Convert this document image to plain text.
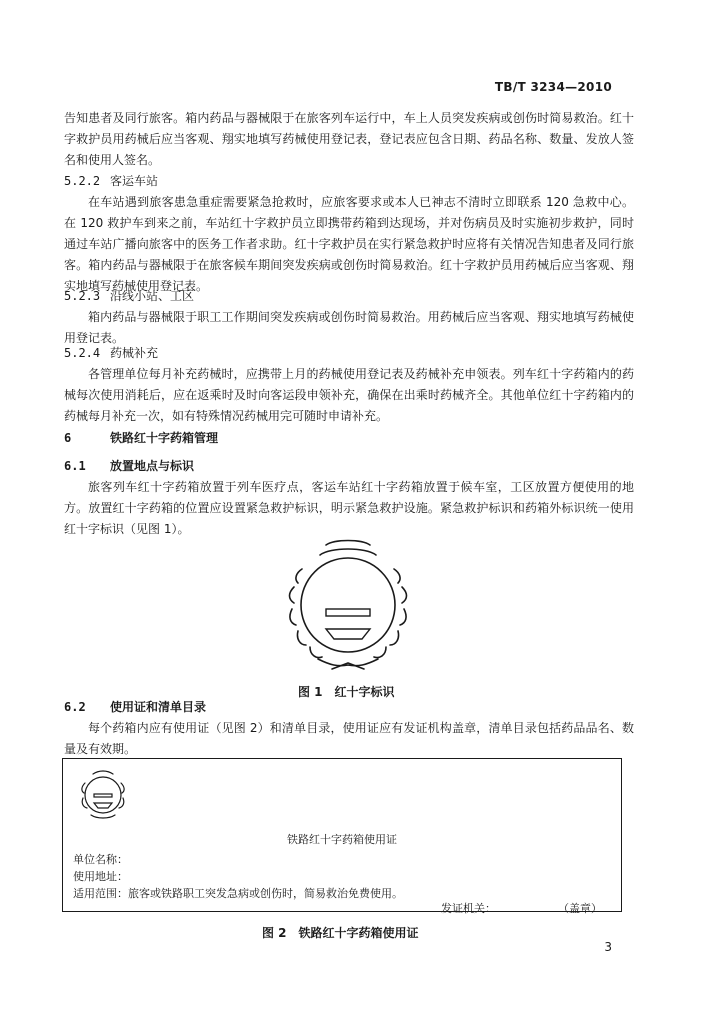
TB/T 3234—2010

告知患者及同行旅客。箱内药品与器械限于在旅客列车运行中，车上人员突发疾病或创伤时简易救治。红十字救护员用药械后应当客观、翔实地填写药械使用登记表，登记表应包含日期、药品名称、数量、发放人签名和使用人签名。

5.2.2 客运车站

在车站遇到旅客患急重症需要紧急抢救时，应旅客要求或本人已神志不清时立即联系 120 急救中心。在 120 救护车到来之前，车站红十字救护员立即携带药箱到达现场，并对伤病员及时实施初步救护，同时通过车站广播向旅客中的医务工作者求助。红十字救护员在实行紧急救护时应将有关情况告知患者及同行旅客。箱内药品与器械限于在旅客候车期间突发疾病或创伤时简易救治。红十字救护员用药械后应当客观、翔实地填写药械使用登记表。

5.2.3 沿线小站、工区

箱内药品与器械限于职工工作期间突发疾病或创伤时简易救治。用药械后应当客观、翔实地填写药械使用登记表。

5.2.4 药械补充

各管理单位每月补充药械时，应携带上月的药械使用登记表及药械补充申领表。列车红十字药箱内的药械每次使用消耗后，应在返乘时及时向客运段申领补充，确保在出乘时药械齐全。其他单位红十字药箱内的药械每月补充一次，如有特殊情况药械用完可随时申请补充。

6	铁路红十字药箱管理
6.1 放置地点与标识

旅客列车红十字药箱放置于列车医疗点，客运车站红十字药箱放置于候车室，工区放置方便使用的地方。放置红十字药箱的位置应设置紧急救护标识，明示紧急救护设施。紧急救护标识和药箱外标识统一使用红十字标识（见图 1）。

图 1　红十字标识
6.2 使用证和清单目录

每个药箱内应有使用证（见图 2）和清单目录，使用证应有发证机构盖章，清单目录包括药品品名、数量及有效期。

铁路红十字药箱使用证
单位名称：
使用地址：
适用范围：旅客或铁路职工突发急病或创伤时，简易救治免费使用。
发证机关：	（盖章）
图 2　铁路红十字药箱使用证
3
